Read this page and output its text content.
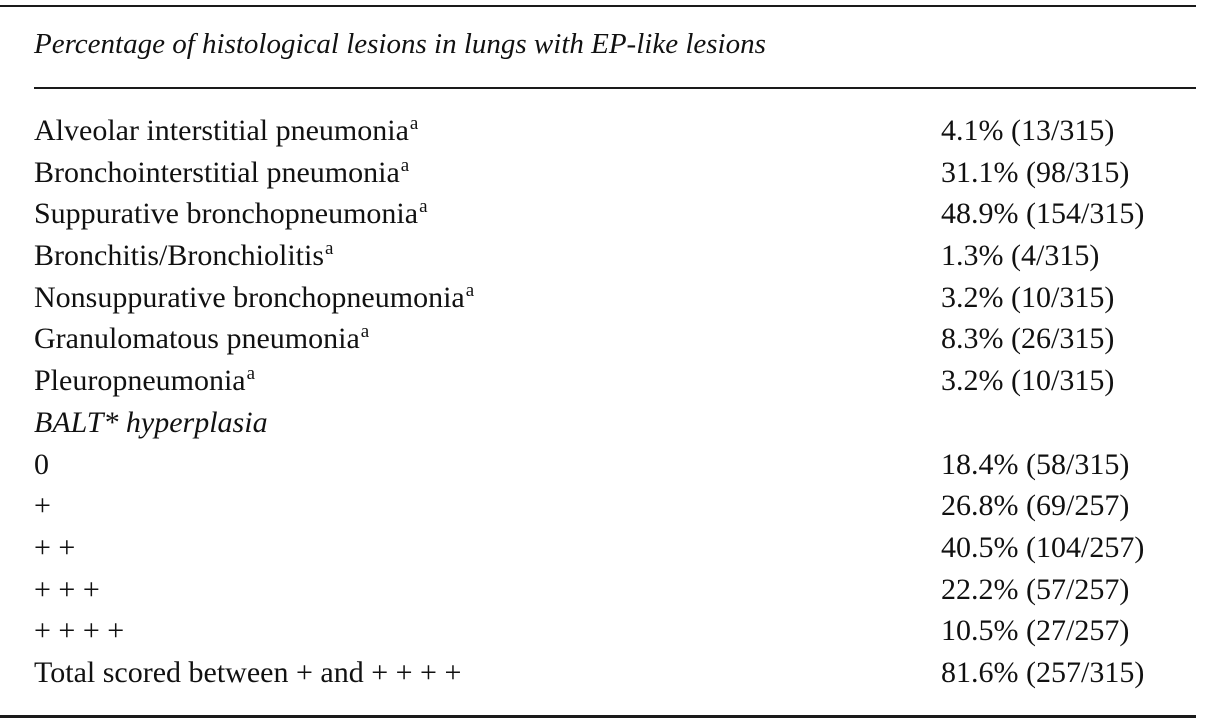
Percentage of histological lesions in lungs with EP-like lesions
Alveolar interstitial pneumonia$^a$	4.1% (13/315)
Bronchointerstitial pneumonia$^a$	31.1% (98/315)
Suppurative bronchopneumonia$^a$	48.9% (154/315)
Bronchitis/Bronchiolitis$^a$	1.3% (4/315)
Nonsuppurative bronchopneumonia$^a$	3.2% (10/315)
Granulomatous pneumonia$^a$	8.3% (26/315)
Pleuropneumonia$^a$	3.2% (10/315)
BALT* hyperplasia
0	18.4% (58/315)
+	26.8% (69/257)
+ +	40.5% (104/257)
+ + +	22.2% (57/257)
+ + + +	10.5% (27/257)
Total scored between + and + + + +	81.6% (257/315)
